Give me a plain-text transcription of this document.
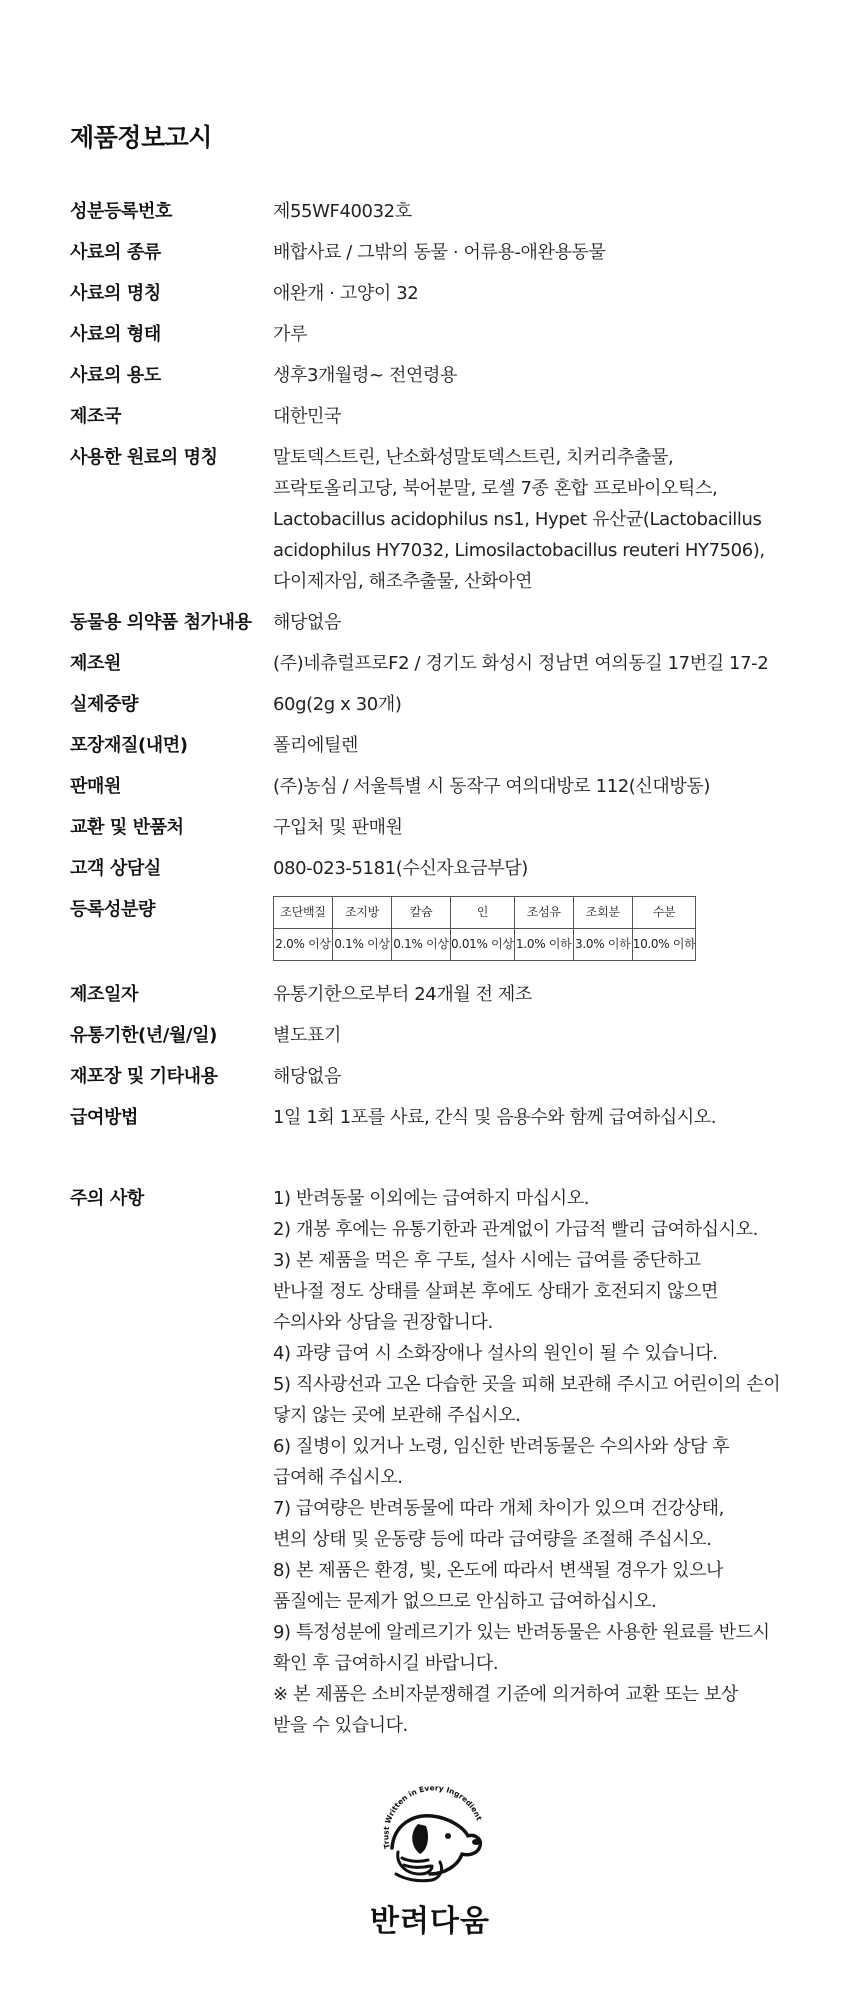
제품정보고시
성분등록번호	제55WF40032호
사료의 종류	배합사료 / 그밖의 동물 · 어류용-애완용동물
사료의 명칭	애완개 · 고양이 32
사료의 형태	가루
사료의 용도	생후3개월령~ 전연령용
제조국	대한민국
사용한 원료의 명칭	말토덱스트린, 난소화성말토덱스트린, 치커리추출물,
프락토올리고당, 북어분말, 로셀 7종 혼합 프로바이오틱스,
Lactobacillus acidophilus ns1, Hypet 유산균(Lactobacillus
acidophilus HY7032, Limosilactobacillus reuteri HY7506),
다이제자임, 해조추출물, 산화아연
동물용 의약품 첨가내용	해당없음
제조원	(주)네츄럴프로F2 / 경기도 화성시 정남면 여의동길 17번길 17-2
실제중량	60g(2g x 30개)
포장재질(내면)	폴리에틸렌
판매원	(주)농심 / 서울특별 시 동작구 여의대방로 112(신대방동)
교환 및 반품처	구입처 및 판매원
고객 상담실	080-023-5181(수신자요금부담)
등록성분량	조단백질	조지방	칼슘	인	조섬유	조회분	수분
2.0% 이상	0.1% 이상	0.1% 이상	0.01% 이상	1.0% 이하	3.0% 이하	10.0% 이하
제조일자	유통기한으로부터 24개월 전 제조
유통기한(년/월/일)	별도표기
재포장 및 기타내용	해당없음
급여방법	1일 1회 1포를 사료, 간식 및 음용수와 함께 급여하십시오.
주의 사항	1) 반려동물 이외에는 급여하지 마십시오.
2) 개봉 후에는 유통기한과 관계없이 가급적 빨리 급여하십시오.
3) 본 제품을 먹은 후 구토, 설사 시에는 급여를 중단하고
반나절 정도 상태를 살펴본 후에도 상태가 호전되지 않으면
수의사와 상담을 권장합니다.
4) 과량 급여 시 소화장애나 설사의 원인이 될 수 있습니다.
5) 직사광선과 고온 다습한 곳을 피해 보관해 주시고 어린이의 손이
닿지 않는 곳에 보관해 주십시오.
6) 질병이 있거나 노령, 임신한 반려동물은 수의사와 상담 후
급여해 주십시오.
7) 급여량은 반려동물에 따라 개체 차이가 있으며 건강상태,
변의 상태 및 운동량 등에 따라 급여량을 조절해 주십시오.
8) 본 제품은 환경, 빛, 온도에 따라서 변색될 경우가 있으나
품질에는 문제가 없으므로 안심하고 급여하십시오.
9) 특정성분에 알레르기가 있는 반려동물은 사용한 원료를 반드시
확인 후 급여하시길 바랍니다.
※ 본 제품은 소비자분쟁해결 기준에 의거하여 교환 또는 보상
받을 수 있습니다.
Trust Written in Every Ingredient
반려다움
